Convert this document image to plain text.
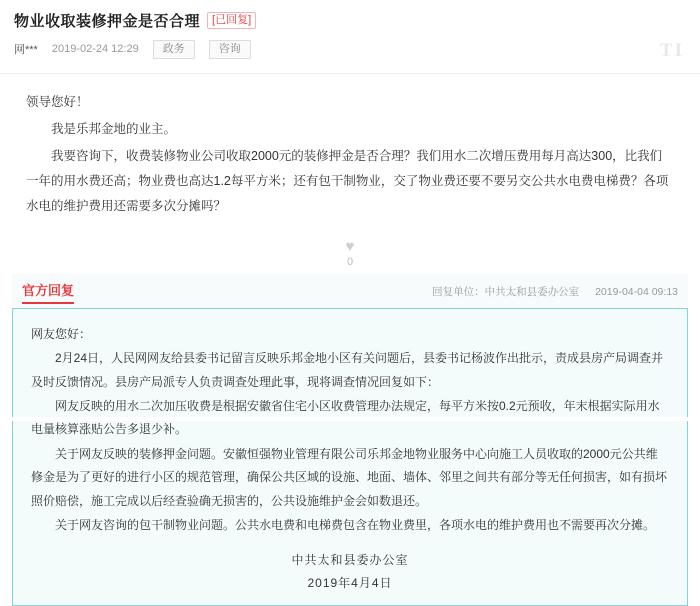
物业收取装修押金是否合理	[已回复]
网*** 2019-02-24 12:29	政务	咨询	TI

领导您好！

我是乐邦金地的业主。

我要咨询下，收费装修物业公司收取2000元的装修押金是否合理？我们用水二次增压费用每月高达300，比我们一年的用水费还高；物业费也高达1.2每平方米；还有包干制物业，交了物业费还要不要另交公共水电费电梯费？各项水电的维护费用还需要多次分摊吗？

♥
0
官方回复	回复单位：中共太和县委办公室 2019-04-04 09:13

网友您好：

2月24日，人民网网友给县委书记留言反映乐邦金地小区有关问题后，县委书记杨波作出批示，责成县房产局调查并及时反馈情况。县房产局派专人负责调查处理此事，现将调查情况回复如下：

网友反映的用水二次加压收费是根据安徽省住宅小区收费管理办法规定，每平方米按0.2元预收，年末根据实际用水电量核算涨贴公告多退少补。

关于网友反映的装修押金问题。安徽恒强物业管理有限公司乐邦金地物业服务中心向施工人员收取的2000元公共维修金是为了更好的进行小区的规范管理，确保公共区域的设施、地面、墙体、邻里之间共有部分等无任何损害，如有损坏照价赔偿，施工完成以后经查验确无损害的，公共设施维护金会如数退还。

关于网友咨询的包干制物业问题。公共水电费和电梯费包含在物业费里，各项水电的维护费用也不需要再次分摊。

中共太和县委办公室
2019年4月4日
